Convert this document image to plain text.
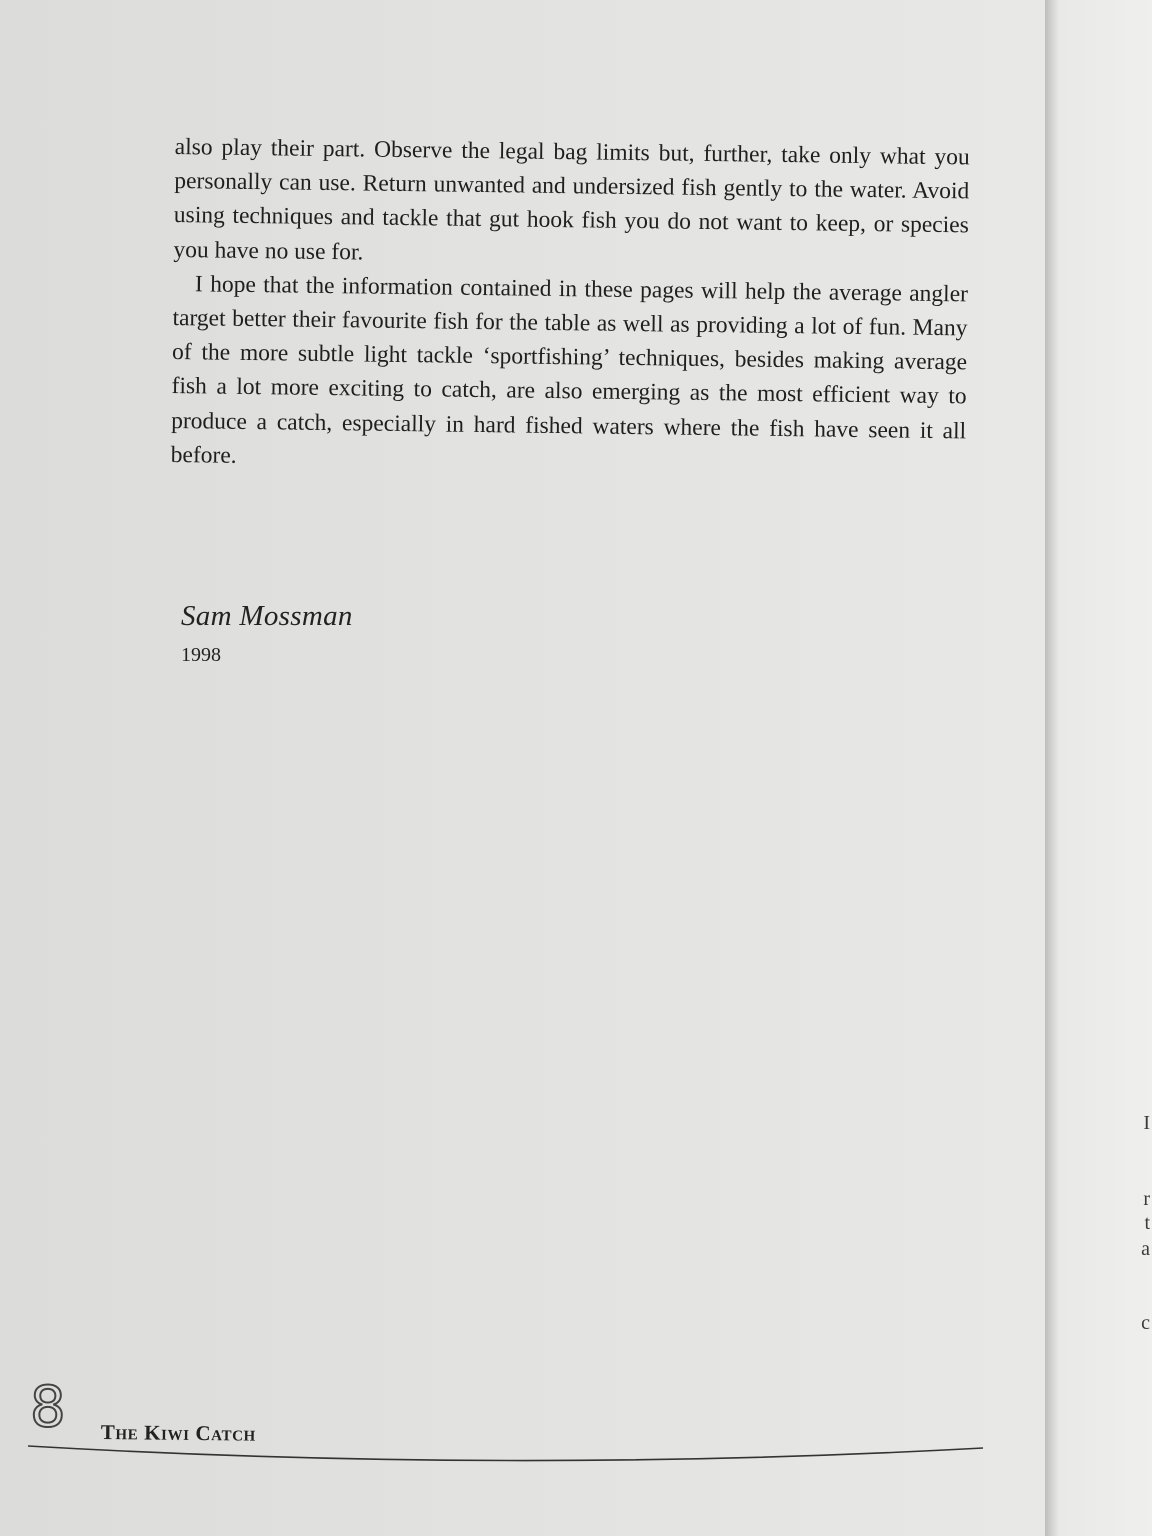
also play their part. Observe the legal bag limits but, further, take only what you personally can use. Return unwanted and undersized fish gently to the water. Avoid using techniques and tackle that gut hook fish you do not want to keep, or species you have no use for.

I hope that the information contained in these pages will help the average angler target better their favourite fish for the table as well as providing a lot of fun. Many of the more subtle light tackle ‘sportfishing’ techniques, besides making average fish a lot more exciting to catch, are also emerging as the most efficient way to produce a catch, especially in hard fished waters where the fish have seen it all before.

Sam Mossman
1998
8 The Kiwi Catch
I
r
t
a
c
